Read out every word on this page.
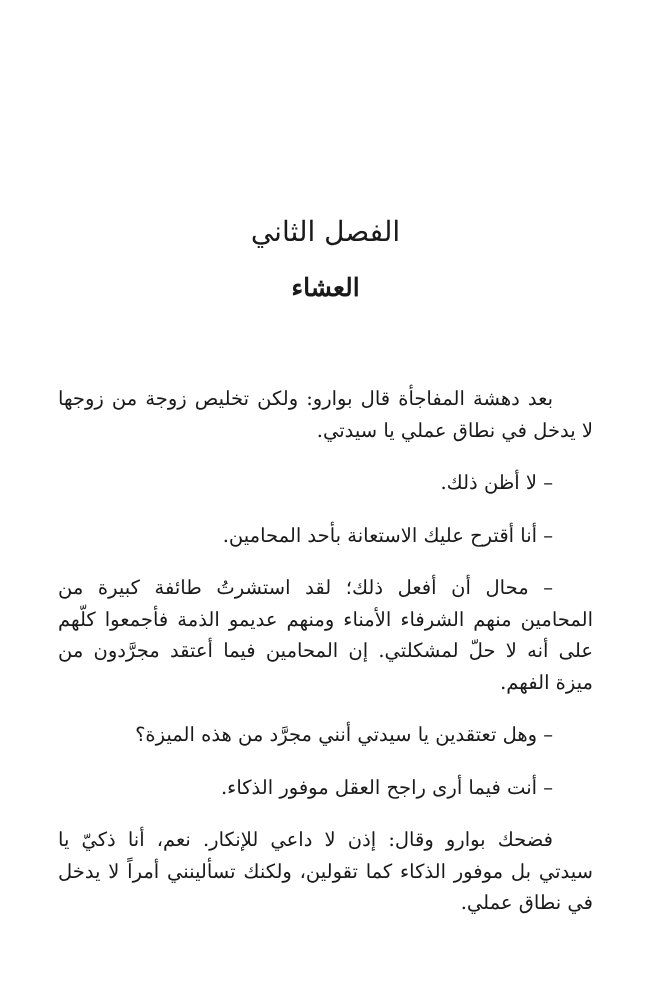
الفصل الثاني
العشاء

بعد دهشة المفاجأة قال بوارو: ولكن تخليص زوجة من زوجها لا يدخل في نطاق عملي يا سيدتي.

– لا أظن ذلك.

– أنا أقترح عليك الاستعانة بأحد المحامين.

– محال أن أفعل ذلك؛ لقد استشرتُ طائفة كبيرة من المحامين منهم الشرفاء الأمناء ومنهم عديمو الذمة فأجمعوا كلّهم على أنه لا حلّ لمشكلتي. إن المحامين فيما أعتقد مجرَّدون من ميزة الفهم.

– وهل تعتقدين يا سيدتي أنني مجرَّد من هذه الميزة؟

– أنت فيما أرى راجح العقل موفور الذكاء.

فضحك بوارو وقال: إذن لا داعي للإنكار. نعم، أنا ذكيّ يا سيدتي بل موفور الذكاء كما تقولين، ولكنك تسألينني أمراً لا يدخل في نطاق عملي.
